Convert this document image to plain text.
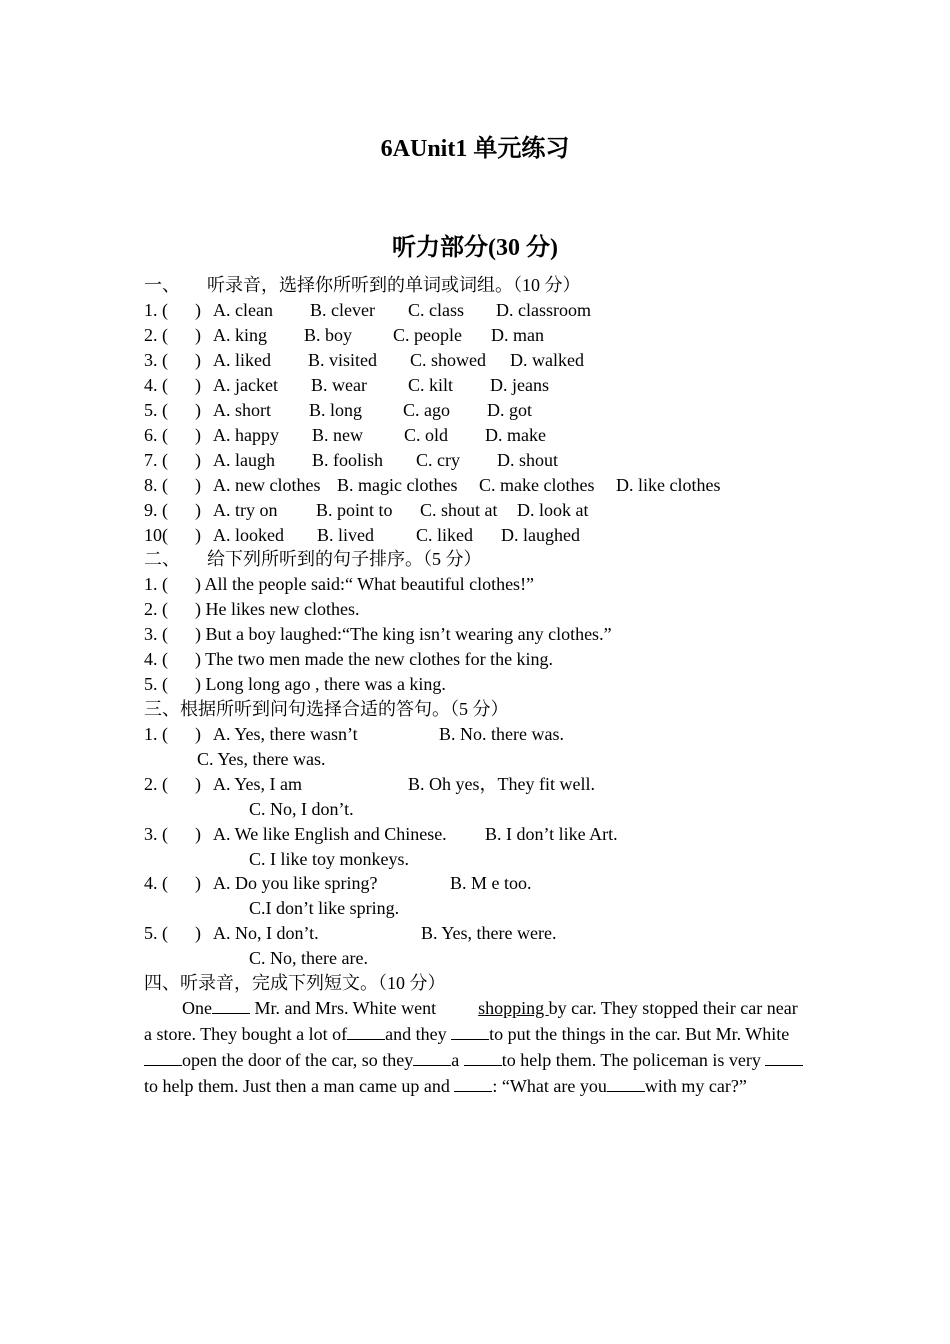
6AUnit1 单元练习
听力部分(30 分)
一、      听录音，选择你所听到的单词或词组。（10 分）
1. (      ) A. clean B. clever C. class D. classroom
2. (      ) A. king B. boy C. people D. man
3. (      ) A. liked B. visited C. showed D. walked
4. (      ) A. jacket B. wear C. kilt D. jeans
5. (      ) A. short B. long C. ago D. got
6. (      ) A. happy B. new C. old D. make
7. (      ) A. laugh B. foolish C. cry D. shout
8. (      ) A. new clothes B. magic clothes C. make clothes D. like clothes
9. (      ) A. try on B. point to C. shout at D. look at
10(      ) A. looked B. lived C. liked D. laughed
二、      给下列所听到的句子排序。（5 分）
1. (      ) All the people said:“ What beautiful clothes!”
2. (      ) He likes new clothes.
3. (      ) But a boy laughed:“The king isn’t wearing any clothes.”
4. (      ) The two men made the new clothes for the king.
5. (      ) Long long ago , there was a king.
三、根据所听到问句选择合适的答句。（5 分）
1. (      ) A. Yes, there wasn’t	B. No. there was.
C. Yes, there was.
2. (      ) A. Yes, I am	B. Oh yes，They fit well.
C. No, I don’t.
3. (      ) A. We like English and Chinese. B. I don’t like Art.
C. I like toy monkeys.
4. (      ) A. Do you like spring?	B. M e too.
C.I don’t like spring.
5. (      ) A. No, I don’t.	B. Yes, there were.
C. No, there are.
四、听录音，完成下列短文。（10 分）
One Mr. and Mrs. White went shopping by car. They stopped their car near a store. They bought a lot of and they to put the things in the car. But Mr. Whiteopen the door of the car, so they a to help them. The policeman is very to help them. Just then a man came up and : “What are you with my car?”
